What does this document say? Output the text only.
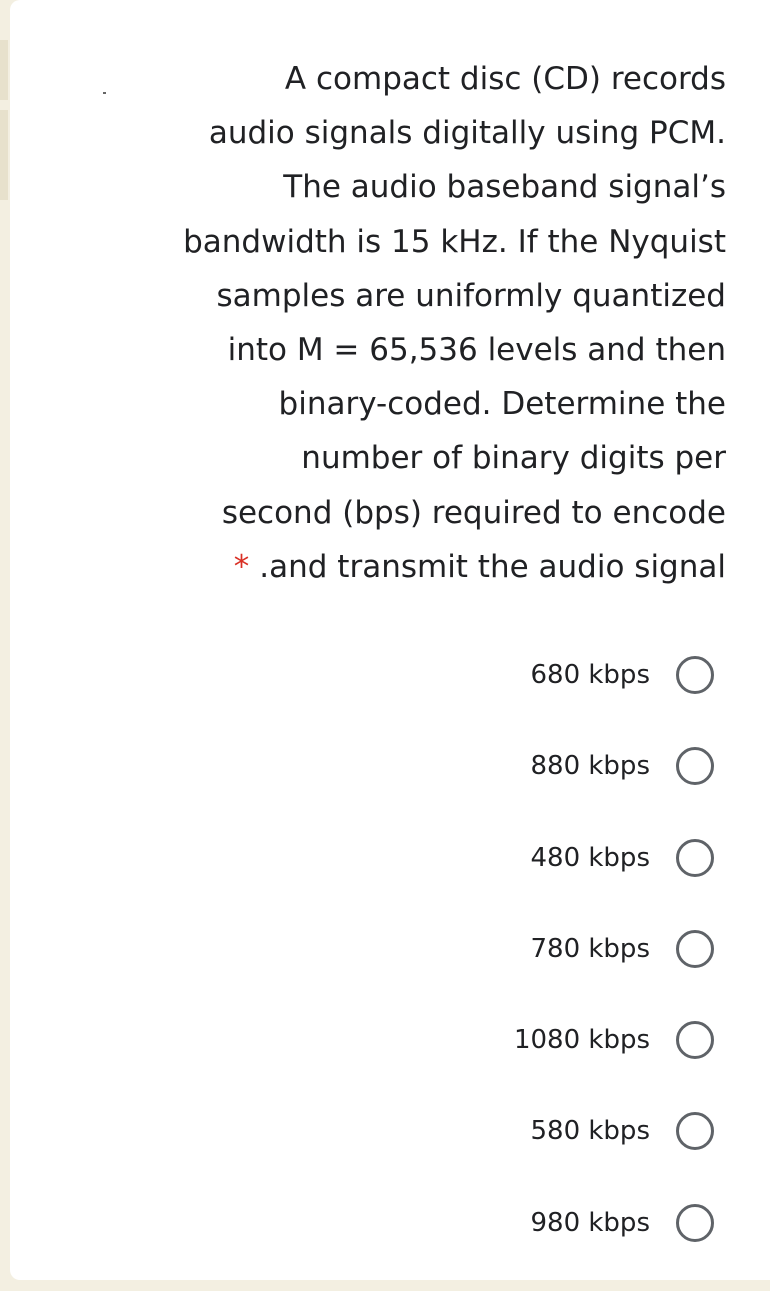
A compact disc (CD) records
audio signals digitally using PCM.
The audio baseband signal’s
bandwidth is 15 kHz. If the Nyquist
samples are uniformly quantized
into M = 65,536 levels and then
binary-coded. Determine the
number of binary digits per
second (bps) required to encode
* .and transmit the audio signal
680 kbps
880 kbps
480 kbps
780 kbps
1080 kbps
580 kbps
980 kbps
